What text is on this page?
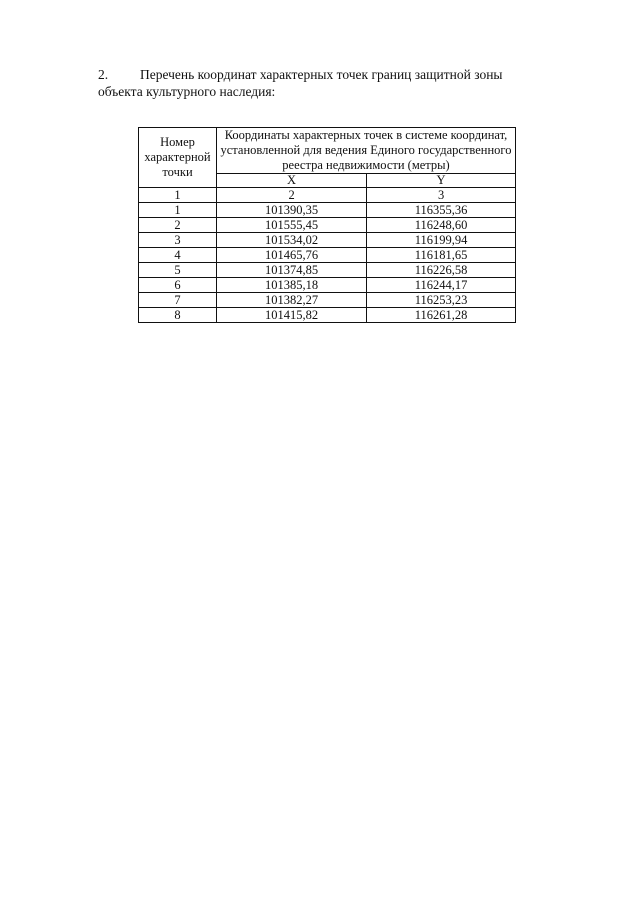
2. Перечень координат характерных точек границ защитной зоны объекта культурного наследия:

Номер характерной точки	Координаты характерных точек в системе координат, установленной для ведения Единого государственного реестра недвижимости (метры)	
	X	Y
1	2	3
1	101390,35	116355,36
2	101555,45	116248,60
3	101534,02	116199,94
4	101465,76	116181,65
5	101374,85	116226,58
6	101385,18	116244,17
7	101382,27	116253,23
8	101415,82	116261,28
